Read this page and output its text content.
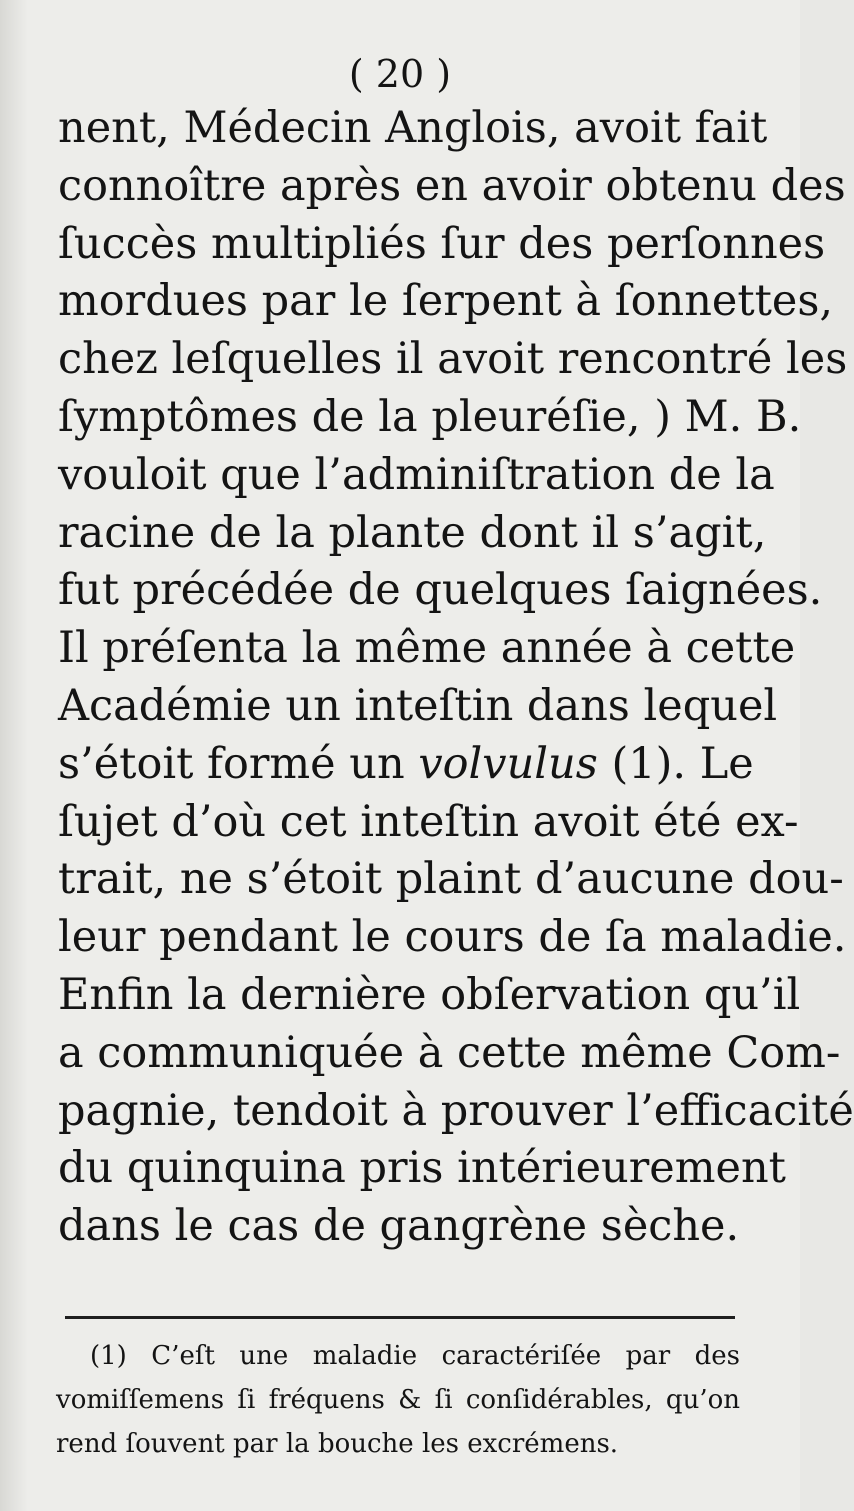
( 20 )
nent, Médecin Anglois, avoit fait
connoître après en avoir obtenu des
ſuccès multipliés ſur des perſonnes
mordues par le ſerpent à ſonnettes,
chez leſquelles il avoit rencontré les
ſymptômes de la pleuréſie, ) M. B.
vouloit que l’adminiſtration de la
racine de la plante dont il s’agit,
fut précédée de quelques ſaignées.
Il préſenta la même année à cette
Académie un inteſtin dans lequel
s’étoit formé un volvulus (1). Le
ſujet d’où cet inteſtin avoit été ex-
trait, ne s’étoit plaint d’aucune dou-
leur pendant le cours de ſa maladie.
Enfin la dernière obſervation qu’il
a communiquée à cette même Com-
pagnie, tendoit à prouver l’efficacité
du quinquina pris intérieurement
dans le cas de gangrène sèche.
(1) C’eſt une maladie caractériſée par des
vomiſſemens ſi fréquens & ſi conſidérables, qu’on
rend ſouvent par la bouche les excrémens.
